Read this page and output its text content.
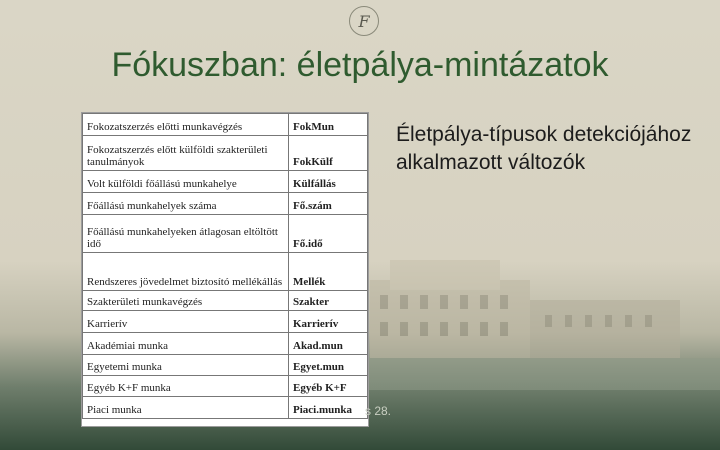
F
Fókuszban: életpálya-mintázatok
Életpálya-típusok detekciójához alkalmazott változók
Fokozatszerzés előtti munkavégzés	FokMun
Fokozatszerzés előtt külföldi szakterületi tanulmányok	FokKülf
Volt külföldi főállású munkahelye	Külfállás
Főállású munkahelyek száma	Fő.szám
Főállású munkahelyeken átlagosan eltöltött idő	Fő.idő
Rendszeres jövedelmet biztosító mellékállás	Mellék
Szakterületi munkavégzés	Szakter
Karrierív	Karrierív
Akadémiai munka	Akad.mun
Egyetemi munka	Egyet.mun
Egyéb K+F munka	Egyéb K+F
Piaci munka	Piaci.munka s 28.
